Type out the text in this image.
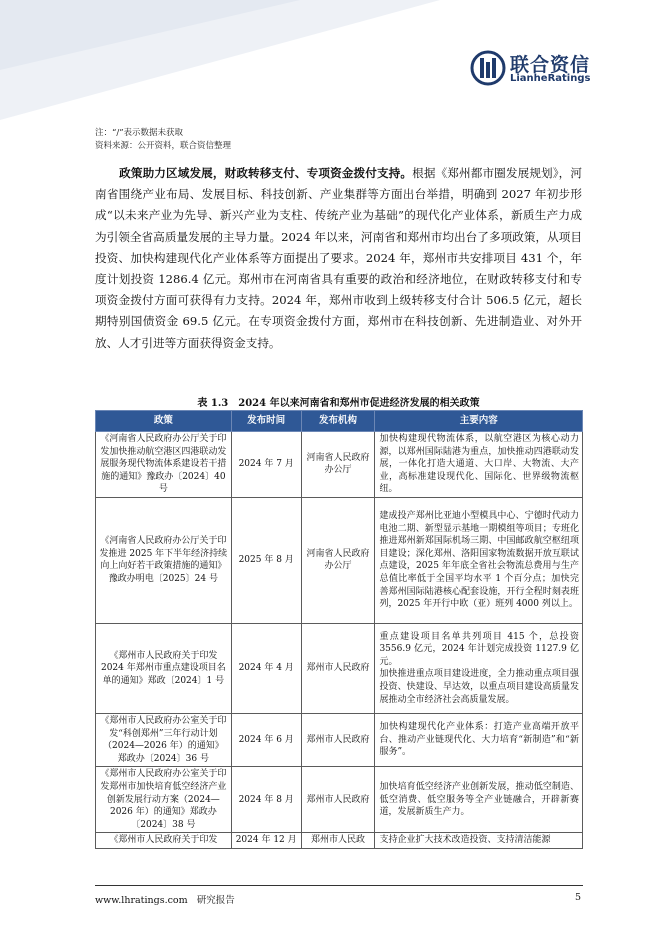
联合资信
LianheRatings
注：“/”表示数据未获取
资料来源：公开资料，联合资信整理
政策助力区域发展，财政转移支付、专项资金拨付支持。根据《郑州都市圈发展规划》，河南省围绕产业布局、发展目标、科技创新、产业集群等方面出台举措，明确到 2027 年初步形成“以未来产业为先导、新兴产业为支柱、传统产业为基础”的现代化产业体系，新质生产力成为引领全省高质量发展的主导力量。2024 年以来，河南省和郑州市均出台了多项政策，从项目投资、加快构建现代化产业体系等方面提出了要求。2024 年，郑州市共安排项目 431 个，年度计划投资 1286.4 亿元。郑州市在河南省具有重要的政治和经济地位，在财政转移支付和专项资金拨付方面可获得有力支持。2024 年，郑州市收到上级转移支付合计 506.5 亿元，超长期特别国债资金 69.5 亿元。在专项资金拨付方面，郑州市在科技创新、先进制造业、对外开放、人才引进等方面获得资金支持。
表 1.3　2024 年以来河南省和郑州市促进经济发展的相关政策
政策	发布时间	发布机构	主要内容
《河南省人民政府办公厅关于印发加快推动航空港区四港联动发展服务现代物流体系建设若干措施的通知》豫政办〔2024〕40 号	2024 年 7 月	河南省人民政府办公厅	加快构建现代物流体系，以航空港区为核心动力源，以郑州国际陆港为重点，加快推动四港联动发展，一体化打造大通道、大口岸、大物流、大产业，高标准建设现代化、国际化、世界级物流枢纽。
《河南省人民政府办公厅关于印发推进 2025 年下半年经济持续向上向好若干政策措施的通知》豫政办明电〔2025〕24 号	2025 年 8 月	河南省人民政府办公厅	建成投产郑州比亚迪小型模具中心、宁德时代动力电池二期、新型显示基地一期模组等项目；专班化推进郑州新郑国际机场三期、中国邮政航空枢纽项目建设；深化郑州、洛阳国家物流数据开放互联试点建设，2025 年年底全省社会物流总费用与生产总值比率低于全国平均水平 1 个百分点；加快完善郑州国际陆港核心配套设施，开行全程时刻表班列，2025 年开行中欧（亚）班列 4000 列以上。
《郑州市人民政府关于印发 2024 年郑州市重点建设项目名单的通知》郑政〔2024〕1 号	2024 年 4 月	郑州市人民政府	重点建设项目名单共列项目 415 个，总投资 3556.9 亿元，2024 年计划完成投资 1127.9 亿元。
加快推进重点项目建设进度，全力推动重点项目强投资、快建设、早达效，以重点项目建设高质量发展推动全市经济社会高质量发展。
《郑州市人民政府办公室关于印发“科创郑州”三年行动计划（2024—2026 年）的通知》郑政办〔2024〕36 号	2024 年 6 月	郑州市人民政府	加快构建现代化产业体系：打造产业高端开放平台、推动产业链现代化、大力培育“新制造”和“新服务”。
《郑州市人民政府办公室关于印发郑州市加快培育低空经济产业创新发展行动方案（2024—2026 年）的通知》郑政办〔2024〕38 号	2024 年 8 月	郑州市人民政府	加快培育低空经济产业创新发展，推动低空制造、低空消费、低空服务等全产业链融合，开辟新赛道，发展新质生产力。
《郑州市人民政府关于印发	2024 年 12 月	郑州市人民政	支持企业扩大技术改造投资、支持清洁能源
www.lhratings.com 研究报告	5
